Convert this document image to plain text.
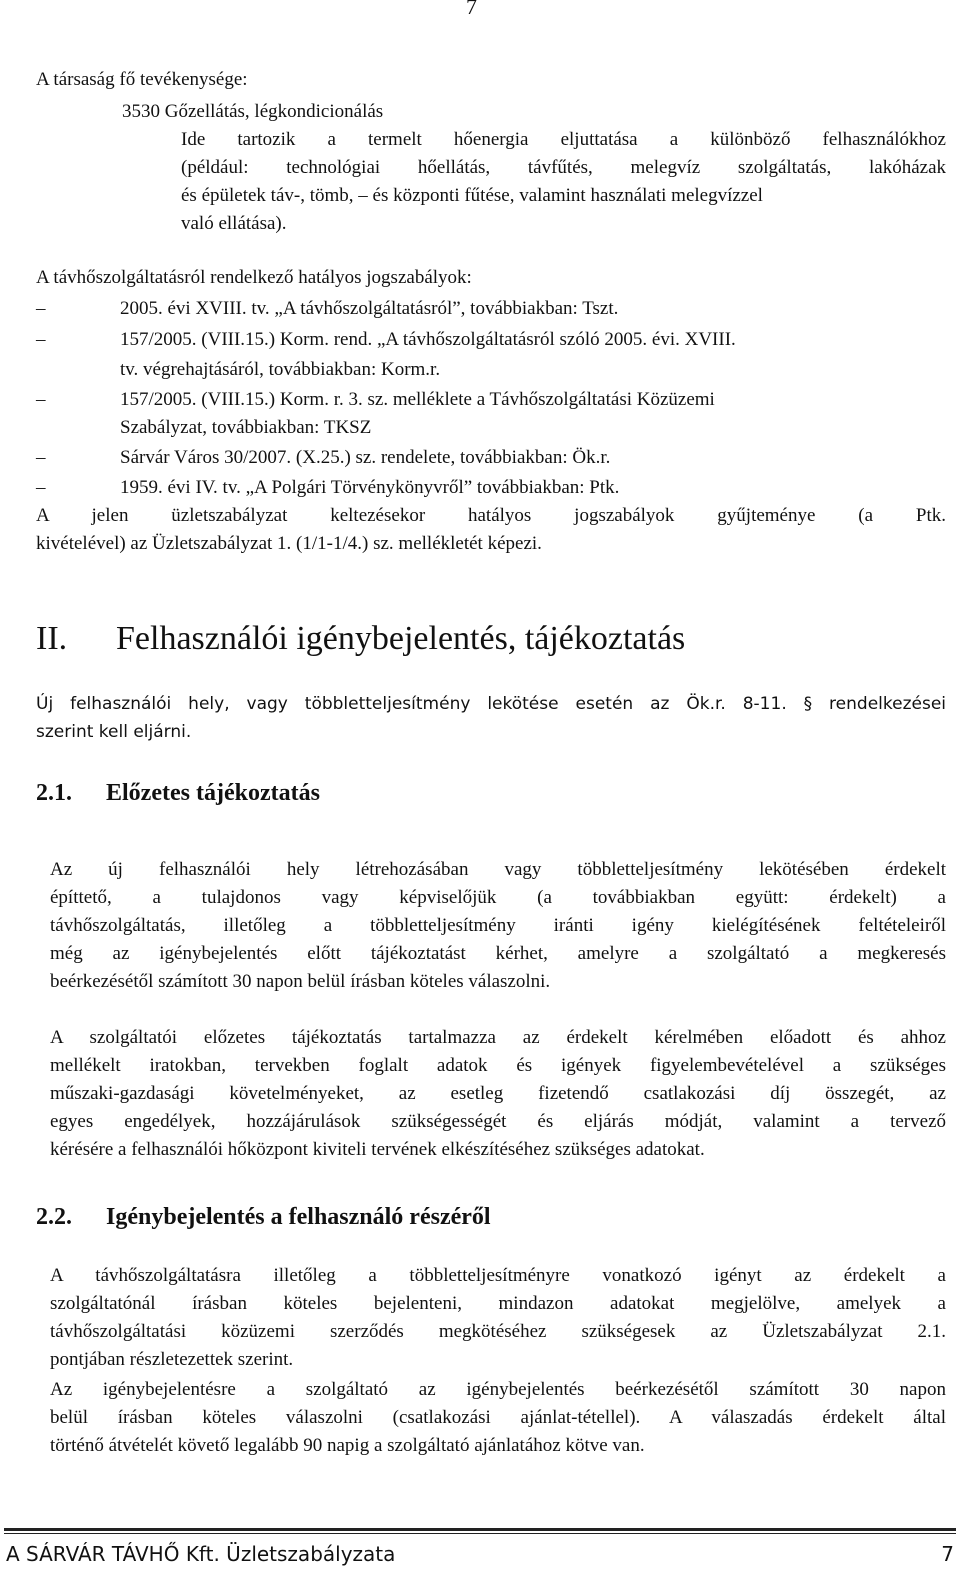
7
A társaság fő tevékenysége:
3530 Gőzellátás, légkondicionálás
Ide tartozik a termelt hőenergia eljuttatása a különböző felhasználókhoz
(például: technológiai hőellátás, távfűtés, melegvíz szolgáltatás, lakóházak
és épületek táv-, tömb, – és központi fűtése, valamint használati melegvízzel
való ellátása).
A távhőszolgáltatásról rendelkező hatályos jogszabályok:
–2005. évi XVIII. tv. „A távhőszolgáltatásról”, továbbiakban: Tszt.
–157/2005. (VIII.15.) Korm. rend. „A távhőszolgáltatásról szóló 2005. évi. XVIII.
tv. végrehajtásáról, továbbiakban: Korm.r.
–157/2005. (VIII.15.) Korm. r. 3. sz. melléklete a Távhőszolgáltatási Közüzemi
Szabályzat, továbbiakban: TKSZ
–Sárvár Város 30/2007. (X.25.) sz. rendelete, továbbiakban: Ök.r.
–1959. évi IV. tv. „A Polgári Törvénykönyvről” továbbiakban: Ptk.
A jelen üzletszabályzat keltezésekor hatályos jogszabályok gyűjteménye (a Ptk.
kivételével) az Üzletszabályzat 1. (1/1-1/4.) sz. mellékletét képezi.
II. Felhasználói igénybejelentés, tájékoztatás
Új felhasználói hely, vagy többletteljesítmény lekötése esetén az Ök.r. 8-11. § rendelkezései
szerint kell eljárni.
2.1. Előzetes tájékoztatás
Az új felhasználói hely létrehozásában vagy többletteljesítmény lekötésében érdekelt
építtető, a tulajdonos vagy képviselőjük (a továbbiakban együtt: érdekelt) a
távhőszolgáltatás, illetőleg a többletteljesítmény iránti igény kielégítésének feltételeiről
még az igénybejelentés előtt tájékoztatást kérhet, amelyre a szolgáltató a megkeresés
beérkezésétől számított 30 napon belül írásban köteles válaszolni.
A szolgáltatói előzetes tájékoztatás tartalmazza az érdekelt kérelmében előadott és ahhoz
mellékelt iratokban, tervekben foglalt adatok és igények figyelembevételével a szükséges
műszaki-gazdasági követelményeket, az esetleg fizetendő csatlakozási díj összegét, az
egyes engedélyek, hozzájárulások szükségességét és eljárás módját, valamint a tervező
kérésére a felhasználói hőközpont kiviteli tervének elkészítéséhez szükséges adatokat.
2.2. Igénybejelentés a felhasználó részéről
A távhőszolgáltatásra illetőleg a többletteljesítményre vonatkozó igényt az érdekelt a
szolgáltatónál írásban köteles bejelenteni, mindazon adatokat megjelölve, amelyek a
távhőszolgáltatási közüzemi szerződés megkötéséhez szükségesek az Üzletszabályzat 2.1.
pontjában részletezettek szerint.
Az igénybejelentésre a szolgáltató az igénybejelentés beérkezésétől számított 30 napon
belül írásban köteles válaszolni (csatlakozási ajánlat-tétellel). A válaszadás érdekelt által
történő átvételét követő legalább 90 napig a szolgáltató ajánlatához kötve van.
A SÁRVÁR TÁVHŐ Kft. Üzletszabályzata	7
